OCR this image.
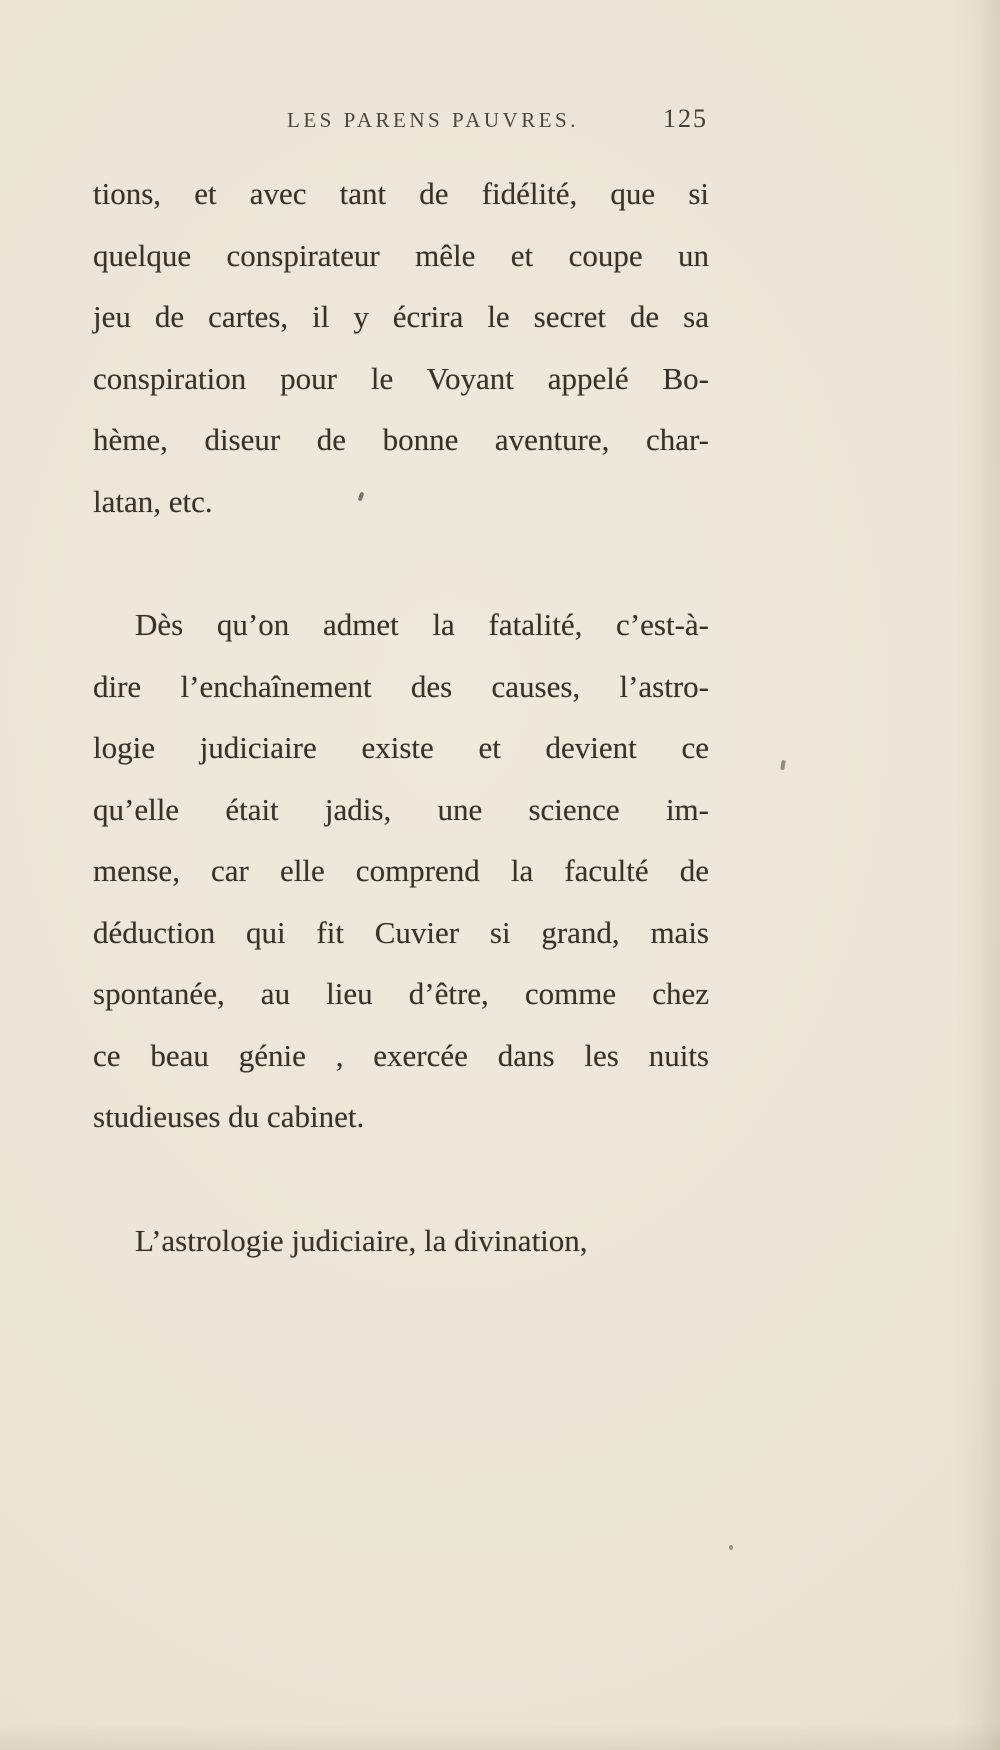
LES PARENS PAUVRES.	125
tions, et avec tant de fidélité, que si
quelque conspirateur mêle et coupe un
jeu de cartes, il y écrira le secret de sa
conspiration pour le Voyant appelé Bo-
hème, diseur de bonne aventure, char-
latan, etc.
Dès qu’on admet la fatalité, c’est-à-
dire l’enchaînement des causes, l’astro-
logie judiciaire existe et devient ce
qu’elle était jadis, une science im-
mense, car elle comprend la faculté de
déduction qui fit Cuvier si grand, mais
spontanée, au lieu d’être, comme chez
ce beau génie , exercée dans les nuits
studieuses du cabinet.
L’astrologie judiciaire, la divination,
